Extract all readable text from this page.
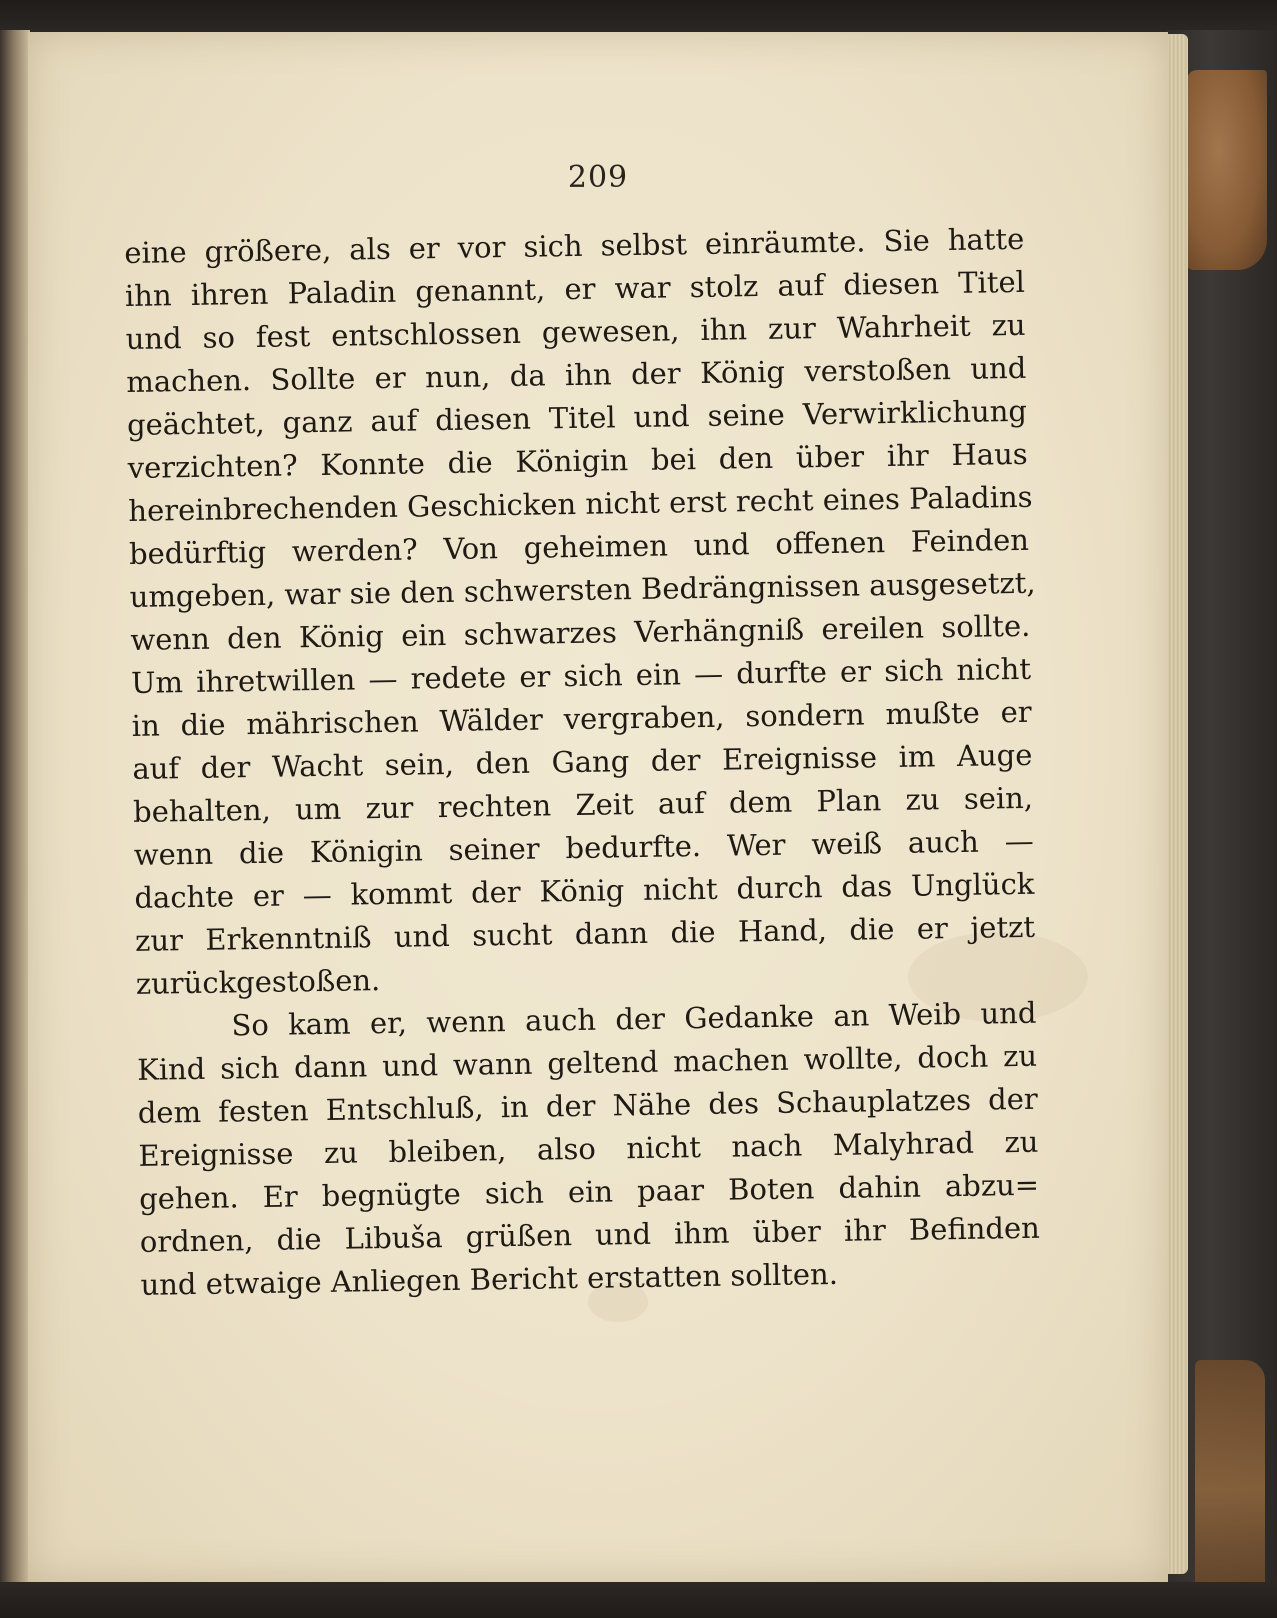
209
eine größere, als er vor sich selbst einräumte. Sie hatte
ihn ihren Paladin genannt, er war stolz auf diesen Titel
und so fest entschlossen gewesen, ihn zur Wahrheit zu
machen. Sollte er nun, da ihn der König verstoßen und
geächtet, ganz auf diesen Titel und seine Verwirklichung
verzichten? Konnte die Königin bei den über ihr Haus
hereinbrechenden Geschicken nicht erst recht eines Paladins
bedürftig werden? Von geheimen und offenen Feinden
umgeben, war sie den schwersten Bedrängnissen ausgesetzt,
wenn den König ein schwarzes Verhängniß ereilen sollte.
Um ihretwillen — redete er sich ein — durfte er sich nicht
in die mährischen Wälder vergraben, sondern mußte er
auf der Wacht sein, den Gang der Ereignisse im Auge
behalten, um zur rechten Zeit auf dem Plan zu sein,
wenn die Königin seiner bedurfte. Wer weiß auch —
dachte er — kommt der König nicht durch das Unglück
zur Erkenntniß und sucht dann die Hand, die er jetzt
zurückgestoßen.
So kam er, wenn auch der Gedanke an Weib und
Kind sich dann und wann geltend machen wollte, doch zu
dem festen Entschluß, in der Nähe des Schauplatzes der
Ereignisse zu bleiben, also nicht nach Malyhrad zu
gehen. Er begnügte sich ein paar Boten dahin abzu=
ordnen, die Libuša grüßen und ihm über ihr Befinden
und etwaige Anliegen Bericht erstatten sollten.
